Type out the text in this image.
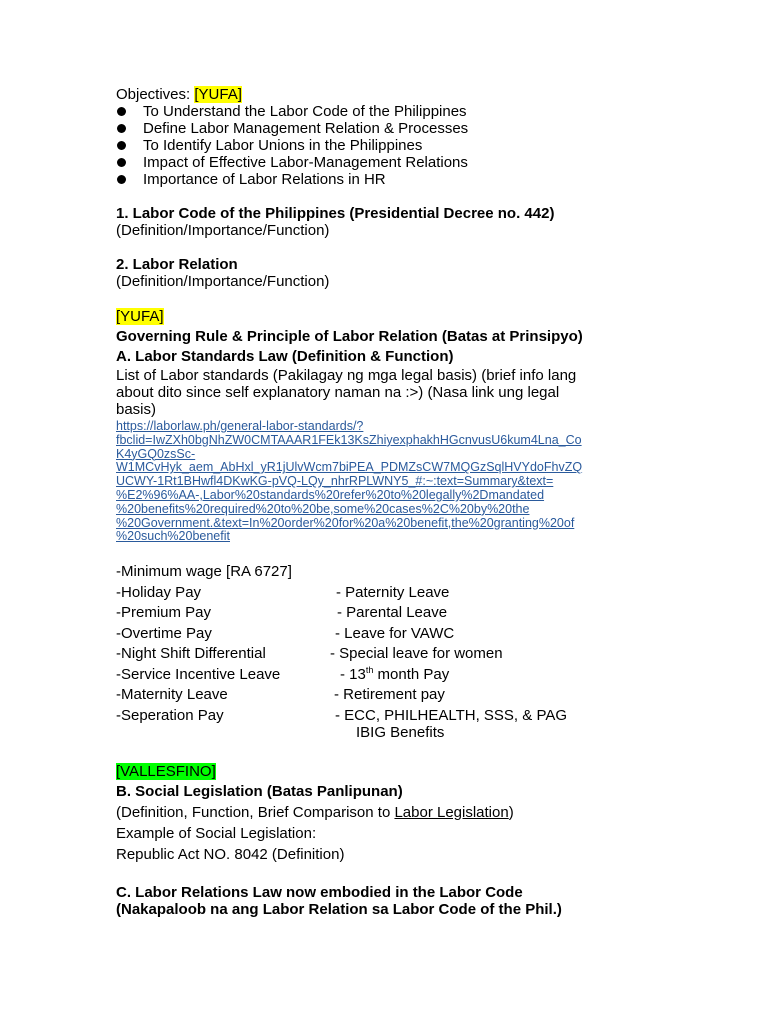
Objectives: [YUFA]
To Understand the Labor Code of the Philippines
Define Labor Management Relation & Processes
To Identify Labor Unions in the Philippines
Impact of Effective Labor-Management Relations
Importance of Labor Relations in HR
1. Labor Code of the Philippines (Presidential Decree no. 442)
(Definition/Importance/Function)
2. Labor Relation
(Definition/Importance/Function)
[YUFA]
Governing Rule & Principle of Labor Relation (Batas at Prinsipyo)
A. Labor Standards Law (Definition & Function)
List of Labor standards (Pakilagay ng mga legal basis) (brief info lang
about dito since self explanatory naman na :>) (Nasa link ung legal
basis)
https://laborlaw.ph/general-labor-standards/?
fbclid=IwZXh0bgNhZW0CMTAAAR1FEk13KsZhiyexphakhHGcnvusU6kum4Lna_Co
K4yGQ0zsSc-
W1MCvHyk_aem_AbHxl_yR1jUlvWcm7biPEA_PDMZsCW7MQGzSqlHVYdoFhvZQ
UCWY-1Rt1BHwfl4DKwKG-pVQ-LQy_nhrRPLWNY5_#:~:text=Summary&text=
%E2%96%AA-,Labor%20standards%20refer%20to%20legally%2Dmandated
%20benefits%20required%20to%20be,some%20cases%2C%20by%20the
%20Government.&text=In%20order%20for%20a%20benefit,the%20granting%20of
%20such%20benefit
-Minimum wage [RA 6727]
-Holiday Pay	- Paternity Leave
-Premium Pay	- Parental Leave
-Overtime Pay	- Leave for VAWC
-Night Shift Differential	- Special leave for women
-Service Incentive Leave	- 13th month Pay
-Maternity Leave	- Retirement pay
-Seperation Pay	- ECC, PHILHEALTH, SSS, & PAG
IBIG Benefits
[VALLESFINO]
B. Social Legislation (Batas Panlipunan)
(Definition, Function, Brief Comparison to Labor Legislation)
Example of Social Legislation:
Republic Act NO. 8042 (Definition)
C. Labor Relations Law now embodied in the Labor Code
(Nakapaloob na ang Labor Relation sa Labor Code of the Phil.)
